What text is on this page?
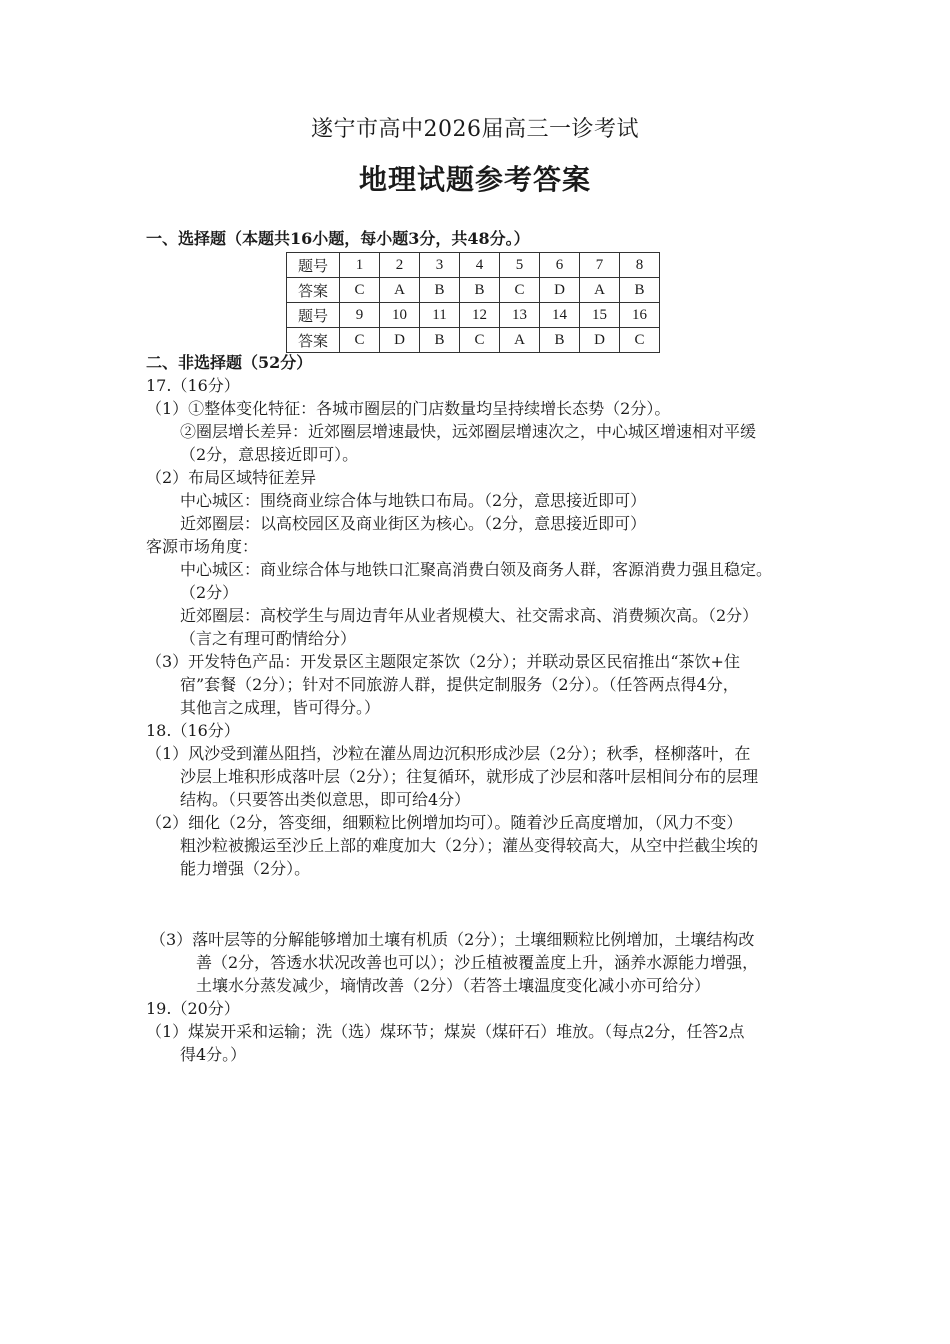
遂宁市高中2026届高三一诊考试
地理试题参考答案
一、选择题（本题共16小题，每小题3分，共48分。）
题号	1	2	3	4	5	6	7	8
答案	C	A	B	B	C	D	A	B
题号	9	10	11	12	13	14	15	16
答案	C	D	B	C	A	B	D	C
二、非选择题（52分）
17.（16分）
（1）①整体变化特征：各城市圈层的门店数量均呈持续增长态势（2分）。
②圈层增长差异：近郊圈层增速最快，远郊圈层增速次之，中心城区增速相对平缓
（2分，意思接近即可）。
（2）布局区域特征差异
中心城区：围绕商业综合体与地铁口布局。（2分，意思接近即可）
近郊圈层：以高校园区及商业街区为核心。（2分，意思接近即可）
客源市场角度：
中心城区：商业综合体与地铁口汇聚高消费白领及商务人群，客源消费力强且稳定。
（2分）
近郊圈层：高校学生与周边青年从业者规模大、社交需求高、消费频次高。（2分）
（言之有理可酌情给分）
（3）开发特色产品：开发景区主题限定茶饮（2分）；并联动景区民宿推出“茶饮+住
宿”套餐（2分）；针对不同旅游人群，提供定制服务（2分）。（任答两点得4分，
其他言之成理，皆可得分。）
18.（16分）
（1）风沙受到灌丛阻挡，沙粒在灌丛周边沉积形成沙层（2分）；秋季，柽柳落叶，在
沙层上堆积形成落叶层（2分）；往复循环，就形成了沙层和落叶层相间分布的层理
结构。（只要答出类似意思，即可给4分）
（2）细化（2分，答变细，细颗粒比例增加均可）。随着沙丘高度增加，（风力不变）
粗沙粒被搬运至沙丘上部的难度加大（2分）；灌丛变得较高大，从空中拦截尘埃的
能力增强（2分）。
（3）落叶层等的分解能够增加土壤有机质（2分）；土壤细颗粒比例增加，土壤结构改
善（2分，答透水状况改善也可以）；沙丘植被覆盖度上升，涵养水源能力增强，
土壤水分蒸发减少，墒情改善（2分）（若答土壤温度变化减小亦可给分）
19.（20分）
（1）煤炭开采和运输；洗（选）煤环节；煤炭（煤矸石）堆放。（每点2分，任答2点
得4分。）
